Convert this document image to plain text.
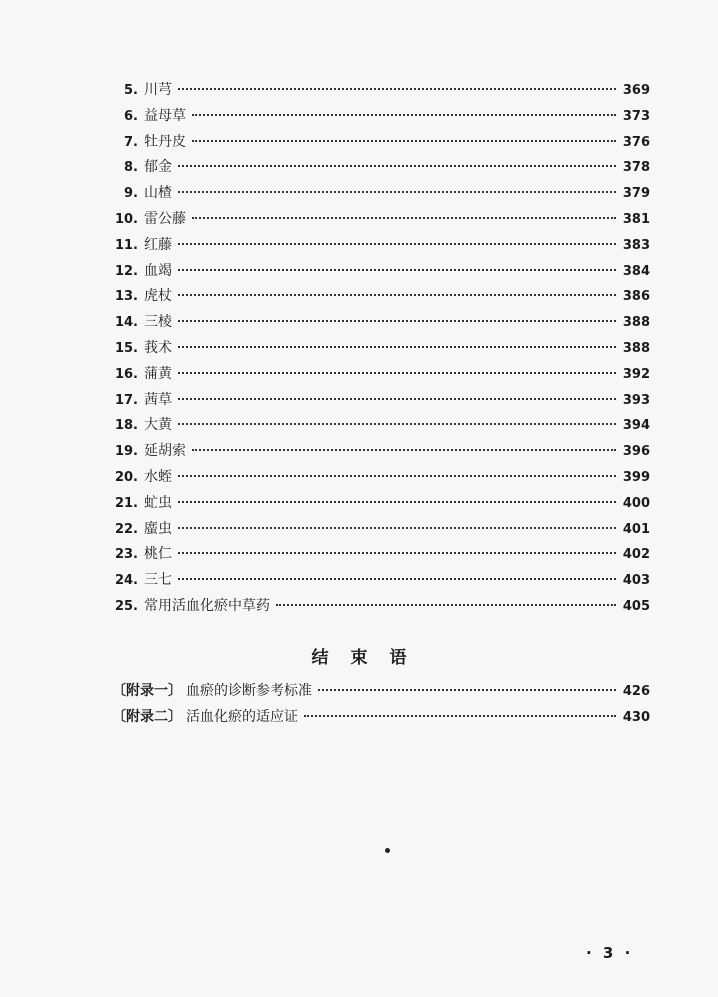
5. 川芎	369
6. 益母草	373
7. 牡丹皮	376
8. 郁金	378
9. 山楂	379
10. 雷公藤	381
11. 红藤	383
12. 血竭	384
13. 虎杖	386
14. 三棱	388
15. 莪术	388
16. 蒲黄	392
17. 茜草	393
18. 大黄	394
19. 延胡索	396
20. 水蛭	399
21. 虻虫	400
22. 䗪虫	401
23. 桃仁	402
24. 三七	403
25. 常用活血化瘀中草药	405
结束语
〔附录一〕 血瘀的诊断参考标准	426
〔附录二〕 活血化瘀的适应证	430
· 3 ·
